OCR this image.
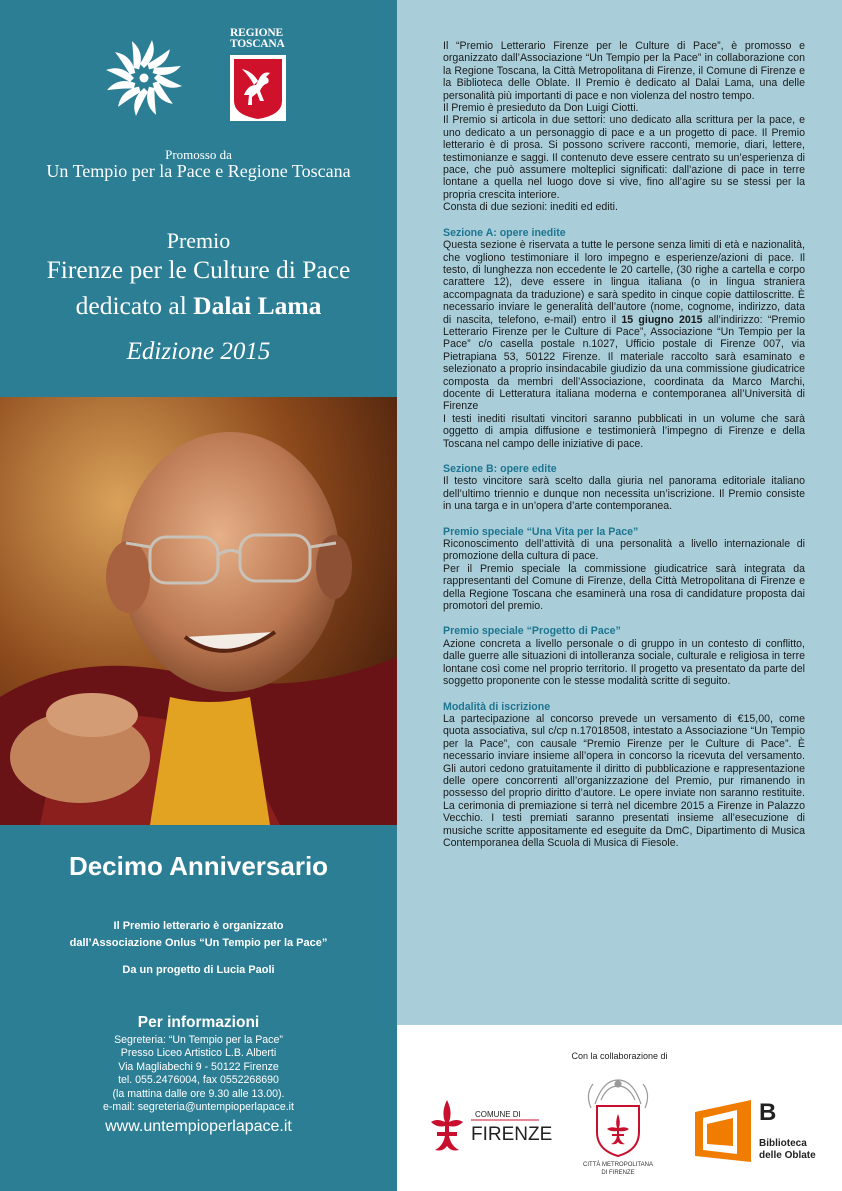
REGIONE
TOSCANA
Promosso da
Un Tempio per la Pace e Regione Toscana
Premio
Firenze per le Culture di Pace
dedicato al Dalai Lama
Edizione 2015
Decimo Anniversario
Il Premio letterario è organizzato
dall’Associazione Onlus “Un Tempio per la Pace”
Da un progetto di Lucia Paoli
Per informazioni
Segreteria: “Un Tempio per la Pace”
Presso Liceo Artistico L.B. Alberti
Via Magliabechi 9 - 50122 Firenze
tel. 055.2476004, fax 0552268690
(la mattina dalle ore 9.30 alle 13.00).
e-mail: segreteria@untempioperlapace.it
www.untempioperlapace.it

Il “Premio Letterario Firenze per le Culture di Pace”, è promosso e organizzato dall’Associazione “Un Tempio per la Pace” in collaborazione con la Regione Toscana, la Città Metropolitana di Firenze, il Comune di Firenze e la Biblioteca delle Oblate. Il Premio è dedicato al Dalai Lama, una delle personalità più importanti di pace e non violenza del nostro tempo.

Il Premio è presieduto da Don Luigi Ciotti.

Il Premio si articola in due settori: uno dedicato alla scrittura per la pace, e uno dedicato a un personaggio di pace e a un progetto di pace. Il Premio letterario è di prosa. Si possono scrivere racconti, memorie, diari, lettere, testimonianze e saggi. Il contenuto deve essere centrato su un’esperienza di pace, che può assumere molteplici significati: dall’azione di pace in terre lontane a quella nel luogo dove si vive, fino all’agire su se stessi per la propria crescita interiore.

Consta di due sezioni: inediti ed editi.

Sezione A: opere inedite

Questa sezione è riservata a tutte le persone senza limiti di età e nazionalità, che vogliono testimoniare il loro impegno e esperienze/azioni di pace. Il testo, di lunghezza non eccedente le 20 cartelle, (30 righe a cartella e corpo carattere 12), deve essere in lingua italiana (o in lingua straniera accompagnata da traduzione) e sarà spedito in cinque copie dattiloscritte. È necessario inviare le generalità dell’autore (nome, cognome, indirizzo, data di nascita, telefono, e-mail) entro il 15 giugno 2015 all’indirizzo: “Premio Letterario Firenze per le Culture di Pace”, Associazione “Un Tempio per la Pace” c/o casella postale n.1027, Ufficio postale di Firenze 007, via Pietrapiana 53, 50122 Firenze. Il materiale raccolto sarà esaminato e selezionato a proprio insindacabile giudizio da una commissione giudicatrice composta da membri dell’Associazione, coordinata da Marco Marchi, docente di Letteratura italiana moderna e contemporanea all’Università di Firenze

I testi inediti risultati vincitori saranno pubblicati in un volume che sarà oggetto di ampia diffusione e testimonierà l’impegno di Firenze e della Toscana nel campo delle iniziative di pace.

Sezione B: opere edite

Il testo vincitore sarà scelto dalla giuria nel panorama editoriale italiano dell’ultimo triennio e dunque non necessita un’iscrizione. Il Premio consiste in una targa e in un’opera d’arte contemporanea.

Premio speciale “Una Vita per la Pace”

Riconoscimento dell’attività di una personalità a livello internazionale di promozione della cultura di pace.

Per il Premio speciale la commissione giudicatrice sarà integrata da rappresentanti del Comune di Firenze, della Città Metropolitana di Firenze e della Regione Toscana che esaminerà una rosa di candidature proposta dai promotori del premio.

Premio speciale “Progetto di Pace”

Azione concreta a livello personale o di gruppo in un contesto di conflitto, dalle guerre alle situazioni di intolleranza sociale, culturale e religiosa in terre lontane così come nel proprio territorio. Il progetto va presentato da parte del soggetto proponente con le stesse modalità scritte di seguito.

Modalità di iscrizione

La partecipazione al concorso prevede un versamento di €15,00, come quota associativa, sul c/cp n.17018508, intestato a Associazione “Un Tempio per la Pace”, con causale “Premio Firenze per le Culture di Pace”. È necessario inviare insieme all’opera in concorso la ricevuta del versamento. Gli autori cedono gratuitamente il diritto di pubblicazione e rappresentazione delle opere concorrenti all’organizzazione del Premio, pur rimanendo in possesso del proprio diritto d’autore. Le opere inviate non saranno restituite. La cerimonia di premiazione si terrà nel dicembre 2015 a Firenze in Palazzo Vecchio. I testi premiati saranno presentati insieme all’esecuzione di musiche scritte appositamente ed eseguite da DmC, Dipartimento di Musica Contemporanea della Scuola di Musica di Fiesole.

Con la collaborazione di
COMUNE DI
FIRENZE
CITTÀ METROPOLITANA
DI FIRENZE
B
Biblioteca
delle Oblate
